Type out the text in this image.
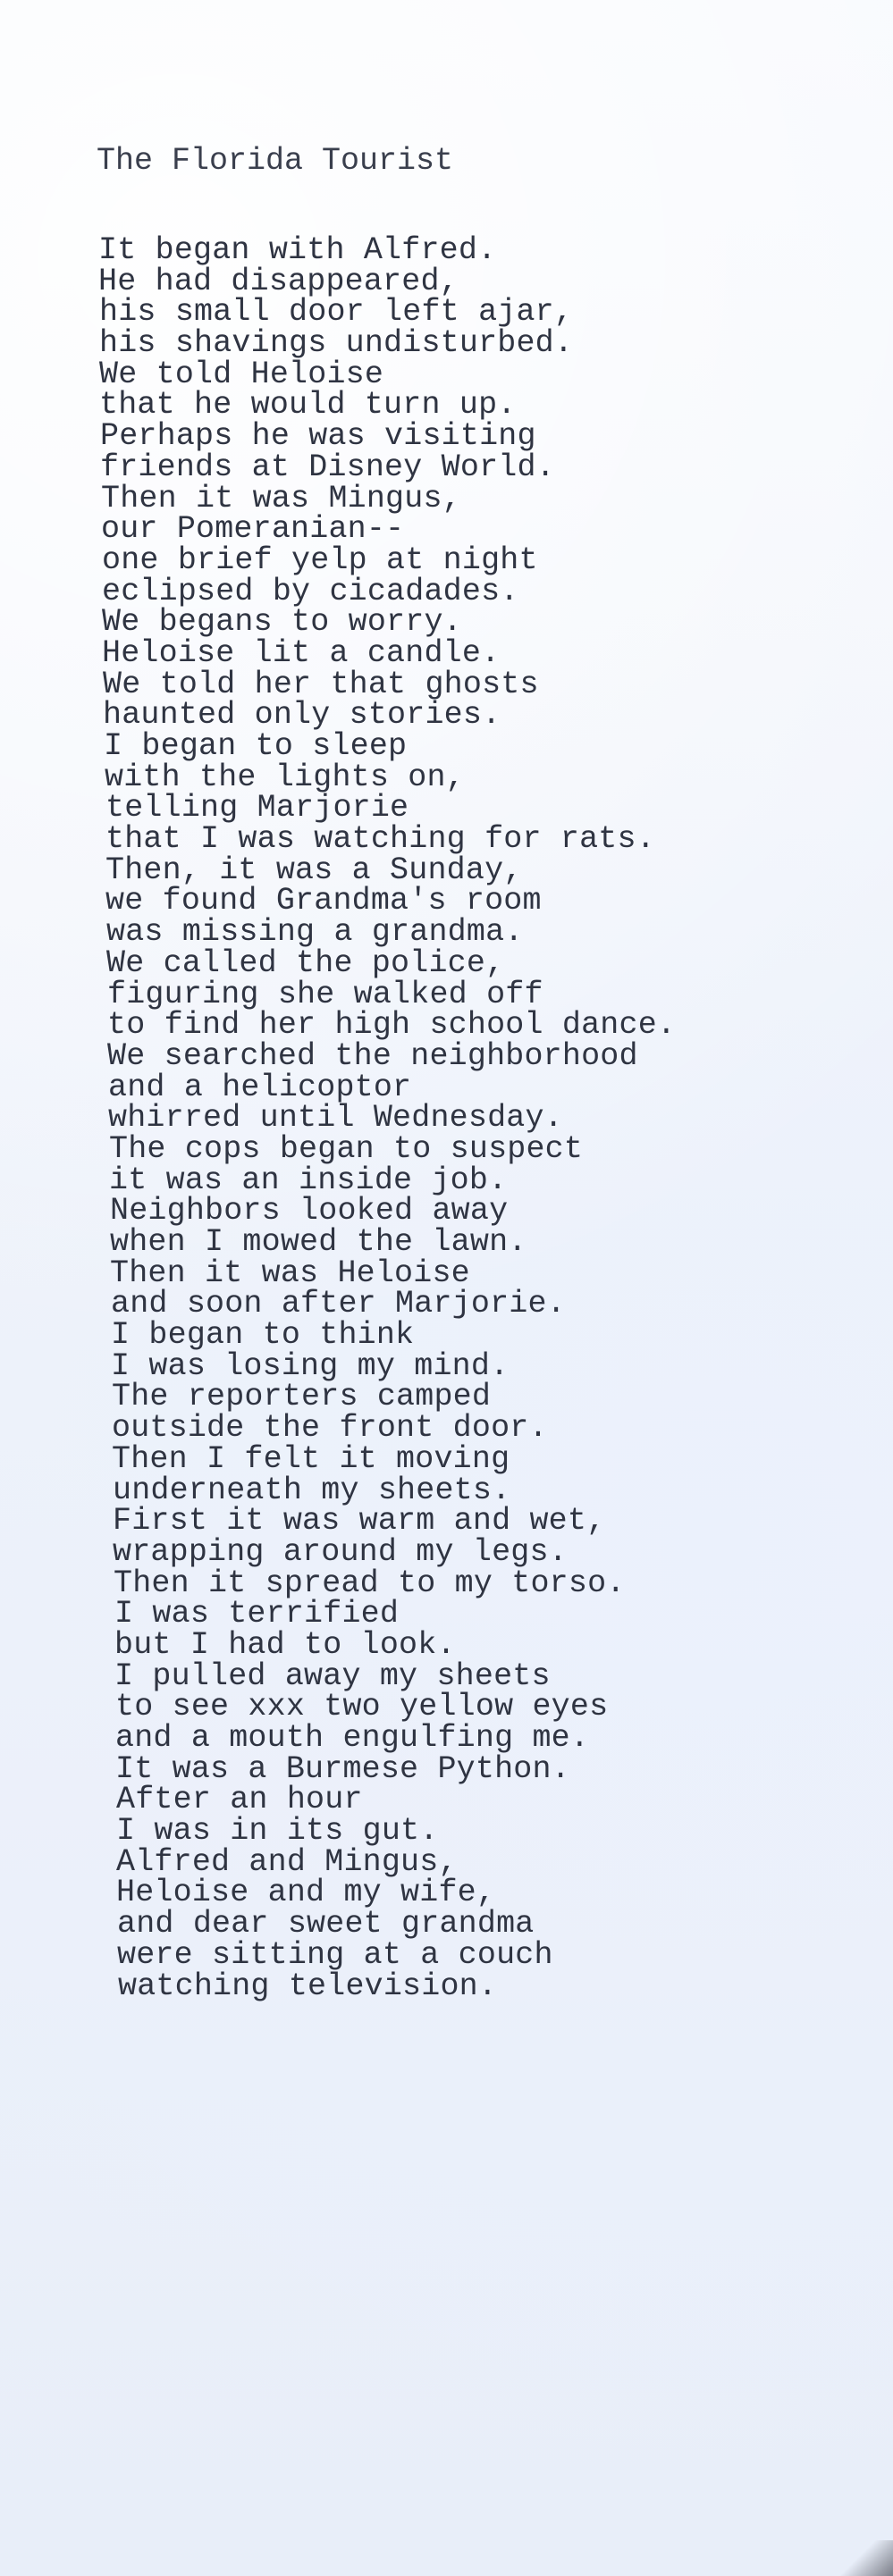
The Florida Tourist
It began with Alfred.
He had disappeared,
his small door left ajar,
his shavings undisturbed.
We told Heloise
that he would turn up.
Perhaps he was visiting
friends at Disney World.
Then it was Mingus,
our Pomeranian--
one brief yelp at night
eclipsed by cicadades.
We begans to worry.
Heloise lit a candle.
We told her that ghosts
haunted only stories.
I began to sleep
with the lights on,
telling Marjorie
that I was watching for rats.
Then, it was a Sunday,
we found Grandma's room
was missing a grandma.
We called the police,
figuring she walked off
to find her high school dance.
We searched the neighborhood
and a helicoptor
whirred until Wednesday.
The cops began to suspect
it was an inside job.
Neighbors looked away
when I mowed the lawn.
Then it was Heloise
and soon after Marjorie.
I began to think
I was losing my mind.
The reporters camped
outside the front door.
Then I felt it moving
underneath my sheets.
First it was warm and wet,
wrapping around my legs.
Then it spread to my torso.
I was terrified
but I had to look.
I pulled away my sheets
to see xxx two yellow eyes
and a mouth engulfing me.
It was a Burmese Python.
After an hour
I was in its gut.
Alfred and Mingus,
Heloise and my wife,
and dear sweet grandma
were sitting at a couch
watching television.
